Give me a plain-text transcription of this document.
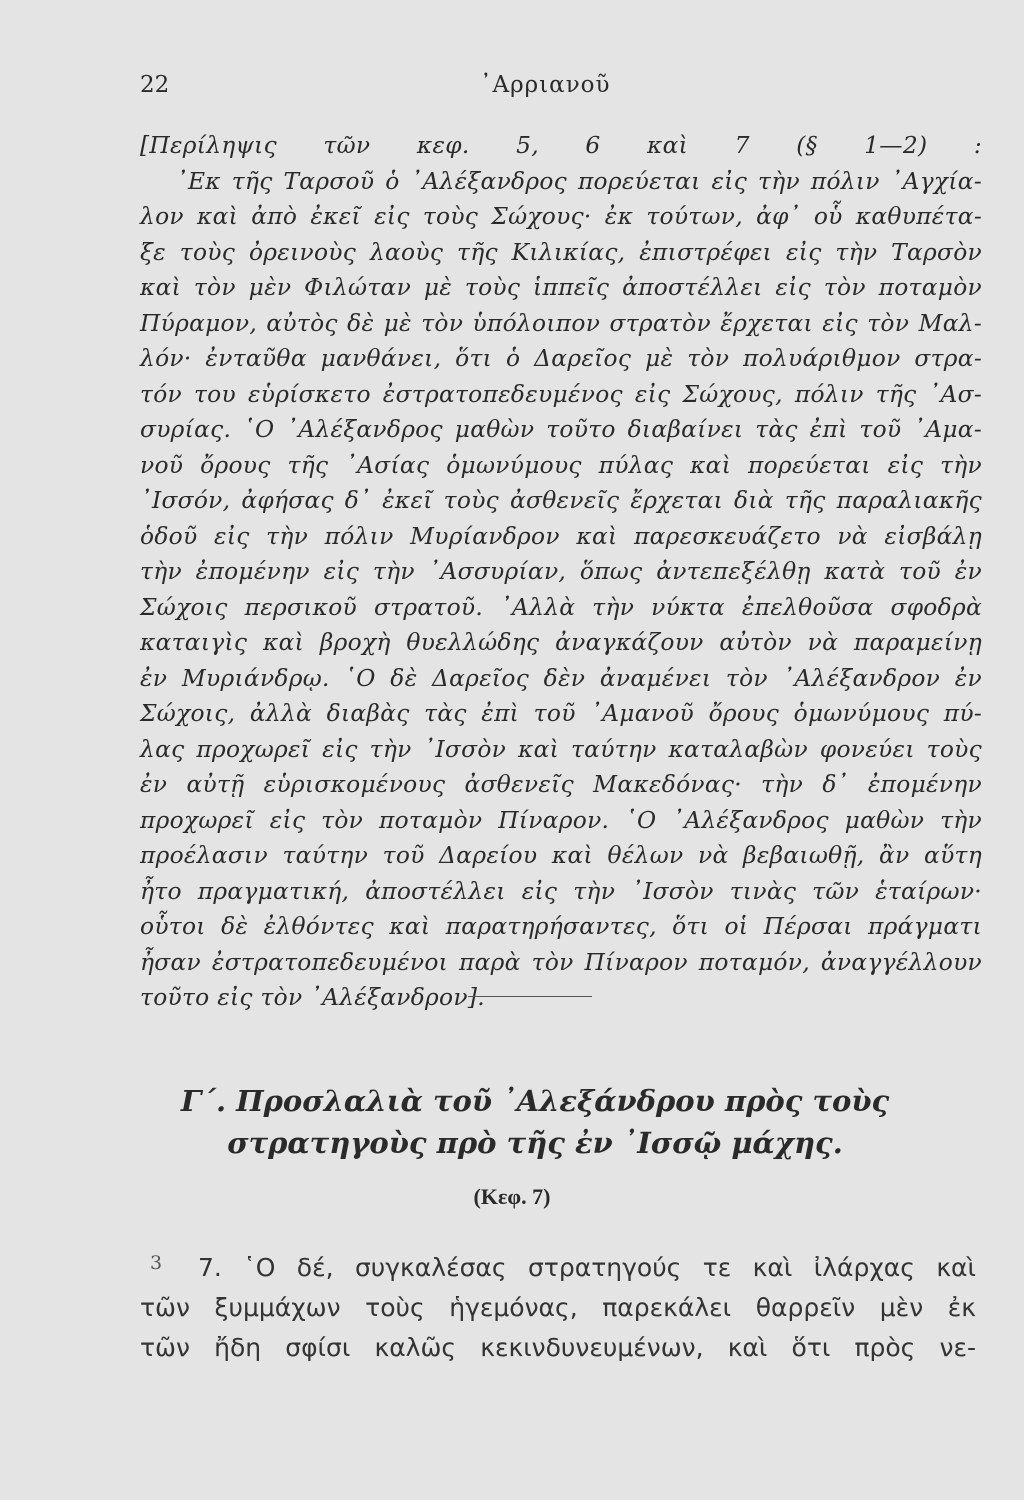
22	᾿Αρριανοῦ
[Περίληψις τῶν κεφ. 5, 6 καὶ 7 (§ 1—2) :
᾿Εκ τῆς Ταρσοῦ ὁ ᾿Αλέξανδρος πορεύεται εἰς τὴν πόλιν ᾿Αγχία-
λον καὶ ἀπὸ ἐκεῖ εἰς τοὺς Σώχους· ἐκ τούτων, ἀφ᾿ οὗ καθυπέτα-
ξε τοὺς ὀρεινοὺς λαοὺς τῆς Κιλικίας, ἐπιστρέφει εἰς τὴν Ταρσὸν
καὶ τὸν μὲν Φιλώταν μὲ τοὺς ἱππεῖς ἀποστέλλει εἰς τὸν ποταμὸν
Πύραμον, αὐτὸς δὲ μὲ τὸν ὑπόλοιπον στρατὸν ἔρχεται εἰς τὸν Μαλ-
λόν· ἐνταῦθα μανθάνει, ὅτι ὁ Δαρεῖος μὲ τὸν πολυάριθμον στρα-
τόν του εὑρίσκετο ἐστρατοπεδευμένος εἰς Σώχους, πόλιν τῆς ᾿Ασ-
συρίας. ῾Ο ᾿Αλέξανδρος μαθὼν τοῦτο διαβαίνει τὰς ἐπὶ τοῦ ᾿Αμα-
νοῦ ὄρους τῆς ᾿Ασίας ὁμωνύμους πύλας καὶ πορεύεται εἰς τὴν
᾿Ισσόν, ἀφήσας δ᾿ ἐκεῖ τοὺς ἀσθενεῖς ἔρχεται διὰ τῆς παραλιακῆς
ὁδοῦ εἰς τὴν πόλιν Μυρίανδρον καὶ παρεσκευάζετο νὰ εἰσβάλῃ
τὴν ἐπομένην εἰς τὴν ᾿Ασσυρίαν, ὅπως ἀντεπεξέλθῃ κατὰ τοῦ ἐν
Σώχοις περσικοῦ στρατοῦ. ᾿Αλλὰ τὴν νύκτα ἐπελθοῦσα σφοδρὰ
καταιγὶς καὶ βροχὴ θυελλώδης ἀναγκάζουν αὐτὸν νὰ παραμείνῃ
ἐν Μυριάνδρῳ. ῾Ο δὲ Δαρεῖος δὲν ἀναμένει τὸν ᾿Αλέξανδρον ἐν
Σώχοις, ἀλλὰ διαβὰς τὰς ἐπὶ τοῦ ᾿Αμανοῦ ὄρους ὁμωνύμους πύ-
λας προχωρεῖ εἰς τὴν ᾿Ισσὸν καὶ ταύτην καταλαβὼν φονεύει τοὺς
ἐν αὐτῇ εὑρισκομένους ἀσθενεῖς Μακεδόνας· τὴν δ᾿ ἐπομένην
προχωρεῖ εἰς τὸν ποταμὸν Πίναρον. ῾Ο ᾿Αλέξανδρος μαθὼν τὴν
προέλασιν ταύτην τοῦ Δαρείου καὶ θέλων νὰ βεβαιωθῇ, ἂν αὕτη
ἦτο πραγματική, ἀποστέλλει εἰς τὴν ᾿Ισσὸν τινὰς τῶν ἑταίρων·
οὗτοι δὲ ἐλθόντες καὶ παρατηρήσαντες, ὅτι οἱ Πέρσαι πράγματι
ἦσαν ἐστρατοπεδευμένοι παρὰ τὸν Πίναρον ποταμόν, ἀναγγέλλουν
τοῦτο εἰς τὸν ᾿Αλέξανδρον].
Γ΄. Προσλαλιὰ τοῦ ᾿Αλεξάνδρου πρὸς τοὺς
στρατηγοὺς πρὸ τῆς ἐν ᾿Ισσῷ μάχης.
(Κεφ. 7)
3	7. ῾Ο δέ, συγκαλέσας στρατηγούς τε καὶ ἰλάρχας καὶ
τῶν ξυμμάχων τοὺς ἡγεμόνας, παρεκάλει θαρρεῖν μὲν ἐκ
τῶν ἤδη σφίσι καλῶς κεκινδυνευμένων, καὶ ὅτι πρὸς νε-
